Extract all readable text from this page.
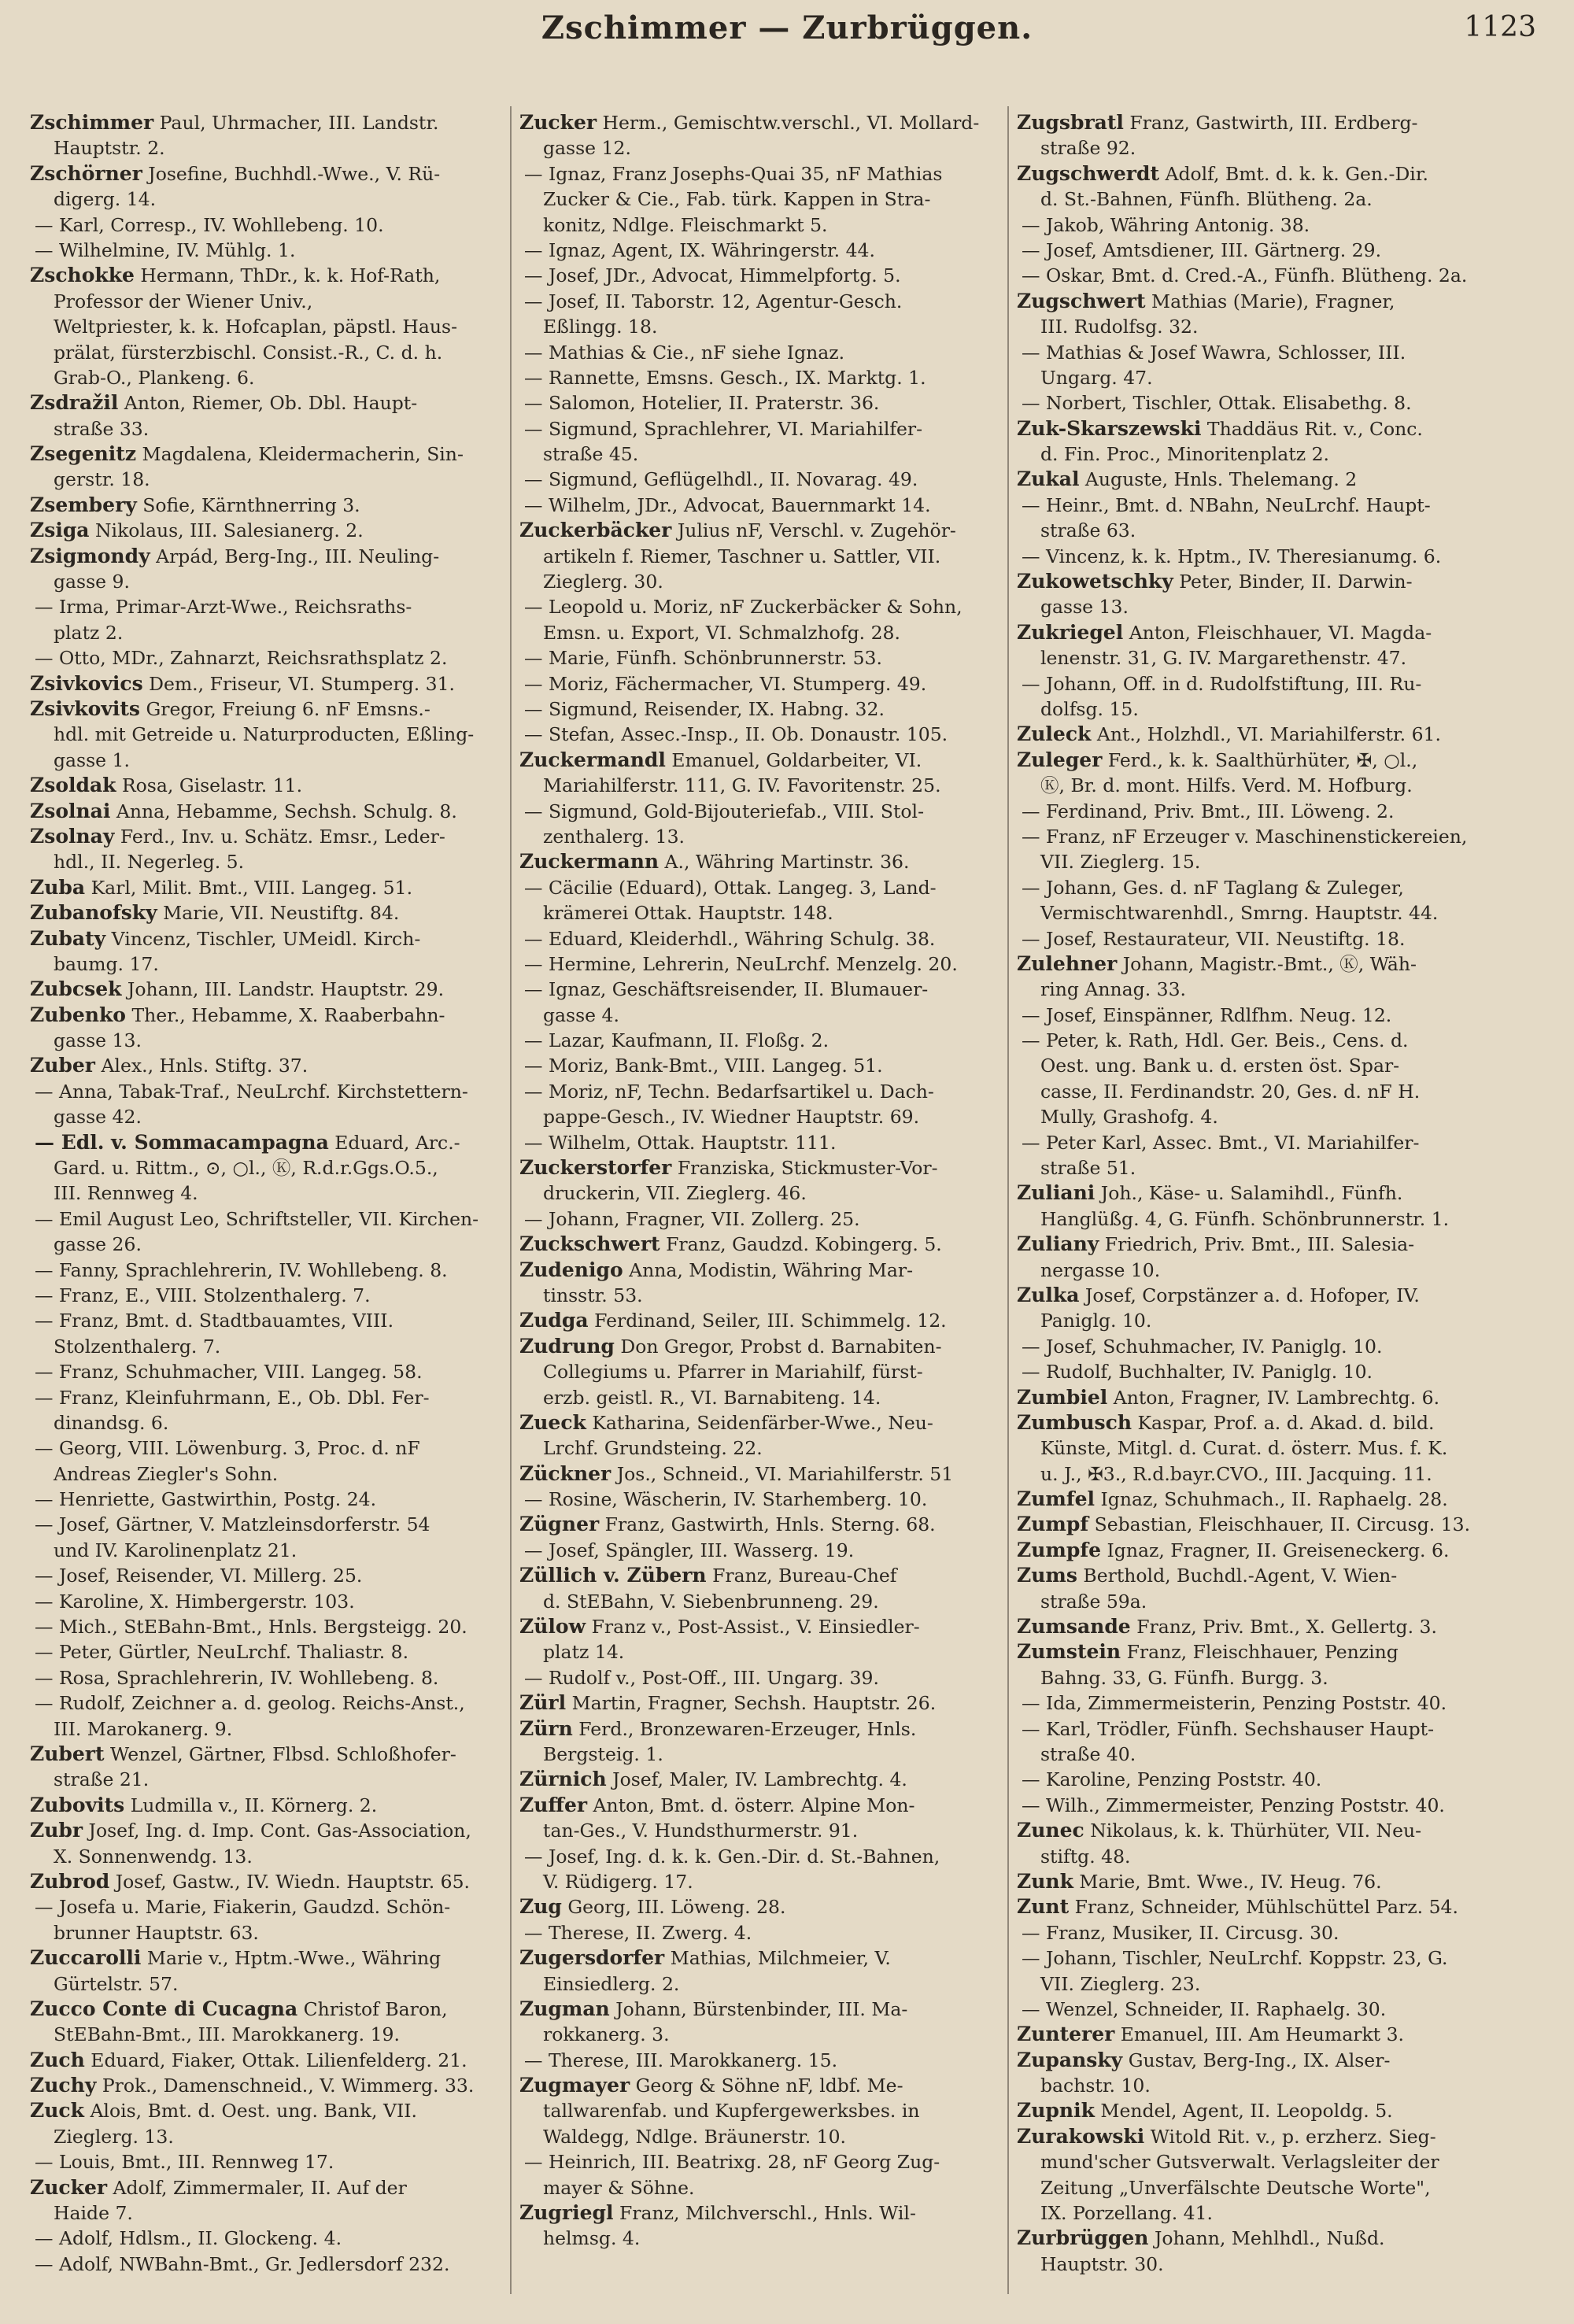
Zschimmer — Zurbrüggen.	1123
Zschimmer Paul, Uhrmacher, III. Landstr.
Hauptstr. 2.
Zschörner Josefine, Buchhdl.-Wwe., V. Rü-
digerg. 14.
— Karl, Corresp., IV. Wohllebeng. 10.
— Wilhelmine, IV. Mühlg. 1.
Zschokke Hermann, ThDr., k. k. Hof-Rath,
Professor der Wiener Univ.,
Weltpriester, k. k. Hofcaplan, päpstl. Haus-
prälat, fürsterzbischl. Consist.-R., C. d. h.
Grab-O., Plankeng. 6.
Zsdražil Anton, Riemer, Ob. Dbl. Haupt-
straße 33.
Zsegenitz Magdalena, Kleidermacherin, Sin-
gerstr. 18.
Zsembery Sofie, Kärnthnerring 3.
Zsiga Nikolaus, III. Salesianerg. 2.
Zsigmondy Arpád, Berg-Ing., III. Neuling-
gasse 9.
— Irma, Primar-Arzt-Wwe., Reichsraths-
platz 2.
— Otto, MDr., Zahnarzt, Reichsrathsplatz 2.
Zsivkovics Dem., Friseur, VI. Stumperg. 31.
Zsivkovits Gregor, Freiung 6. nF Emsns.-
hdl. mit Getreide u. Naturproducten, Eßling-
gasse 1.
Zsoldak Rosa, Giselastr. 11.
Zsolnai Anna, Hebamme, Sechsh. Schulg. 8.
Zsolnay Ferd., Inv. u. Schätz. Emsr., Leder-
hdl., II. Negerleg. 5.
Zuba Karl, Milit. Bmt., VIII. Langeg. 51.
Zubanofsky Marie, VII. Neustiftg. 84.
Zubaty Vincenz, Tischler, UMeidl. Kirch-
baumg. 17.
Zubcsek Johann, III. Landstr. Hauptstr. 29.
Zubenko Ther., Hebamme, X. Raaberbahn-
gasse 13.
Zuber Alex., Hnls. Stiftg. 37.
— Anna, Tabak-Traf., NeuLrchf. Kirchstettern-
gasse 42.
— Edl. v. Sommacampagna Eduard, Arc.-
Gard. u. Rittm., ⊙, ○l., Ⓚ, R.d.r.Ggs.O.5.,
III. Rennweg 4.
— Emil August Leo, Schriftsteller, VII. Kirchen-
gasse 26.
— Fanny, Sprachlehrerin, IV. Wohllebeng. 8.
— Franz, E., VIII. Stolzenthalerg. 7.
— Franz, Bmt. d. Stadtbauamtes, VIII.
Stolzenthalerg. 7.
— Franz, Schuhmacher, VIII. Langeg. 58.
— Franz, Kleinfuhrmann, E., Ob. Dbl. Fer-
dinandsg. 6.
— Georg, VIII. Löwenburg. 3, Proc. d. nF
Andreas Ziegler's Sohn.
— Henriette, Gastwirthin, Postg. 24.
— Josef, Gärtner, V. Matzleinsdorferstr. 54
und IV. Karolinenplatz 21.
— Josef, Reisender, VI. Millerg. 25.
— Karoline, X. Himbergerstr. 103.
— Mich., StEBahn-Bmt., Hnls. Bergsteigg. 20.
— Peter, Gürtler, NeuLrchf. Thaliastr. 8.
— Rosa, Sprachlehrerin, IV. Wohllebeng. 8.
— Rudolf, Zeichner a. d. geolog. Reichs-Anst.,
III. Marokanerg. 9.
Zubert Wenzel, Gärtner, Flbsd. Schloßhofer-
straße 21.
Zubovits Ludmilla v., II. Körnerg. 2.
Zubr Josef, Ing. d. Imp. Cont. Gas-Association,
X. Sonnenwendg. 13.
Zubrod Josef, Gastw., IV. Wiedn. Hauptstr. 65.
— Josefa u. Marie, Fiakerin, Gaudzd. Schön-
brunner Hauptstr. 63.
Zuccarolli Marie v., Hptm.-Wwe., Währing
Gürtelstr. 57.
Zucco Conte di Cucagna Christof Baron,
StEBahn-Bmt., III. Marokkanerg. 19.
Zuch Eduard, Fiaker, Ottak. Lilienfelderg. 21.
Zuchy Prok., Damenschneid., V. Wimmerg. 33.
Zuck Alois, Bmt. d. Oest. ung. Bank, VII.
Zieglerg. 13.
— Louis, Bmt., III. Rennweg 17.
Zucker Adolf, Zimmermaler, II. Auf der
Haide 7.
— Adolf, Hdlsm., II. Glockeng. 4.
— Adolf, NWBahn-Bmt., Gr. Jedlersdorf 232.
Zucker Herm., Gemischtw.verschl., VI. Mollard-
gasse 12.
— Ignaz, Franz Josephs-Quai 35, nF Mathias
Zucker & Cie., Fab. türk. Kappen in Stra-
konitz, Ndlge. Fleischmarkt 5.
— Ignaz, Agent, IX. Währingerstr. 44.
— Josef, JDr., Advocat, Himmelpfortg. 5.
— Josef, II. Taborstr. 12, Agentur-Gesch.
Eßlingg. 18.
— Mathias & Cie., nF siehe Ignaz.
— Rannette, Emsns. Gesch., IX. Marktg. 1.
— Salomon, Hotelier, II. Praterstr. 36.
— Sigmund, Sprachlehrer, VI. Mariahilfer-
straße 45.
— Sigmund, Geflügelhdl., II. Novarag. 49.
— Wilhelm, JDr., Advocat, Bauernmarkt 14.
Zuckerbäcker Julius nF, Verschl. v. Zugehör-
artikeln f. Riemer, Taschner u. Sattler, VII.
Zieglerg. 30.
— Leopold u. Moriz, nF Zuckerbäcker & Sohn,
Emsn. u. Export, VI. Schmalzhofg. 28.
— Marie, Fünfh. Schönbrunnerstr. 53.
— Moriz, Fächermacher, VI. Stumperg. 49.
— Sigmund, Reisender, IX. Habng. 32.
— Stefan, Assec.-Insp., II. Ob. Donaustr. 105.
Zuckermandl Emanuel, Goldarbeiter, VI.
Mariahilferstr. 111, G. IV. Favoritenstr. 25.
— Sigmund, Gold-Bijouteriefab., VIII. Stol-
zenthalerg. 13.
Zuckermann A., Währing Martinstr. 36.
— Cäcilie (Eduard), Ottak. Langeg. 3, Land-
krämerei Ottak. Hauptstr. 148.
— Eduard, Kleiderhdl., Währing Schulg. 38.
— Hermine, Lehrerin, NeuLrchf. Menzelg. 20.
— Ignaz, Geschäftsreisender, II. Blumauer-
gasse 4.
— Lazar, Kaufmann, II. Floßg. 2.
— Moriz, Bank-Bmt., VIII. Langeg. 51.
— Moriz, nF, Techn. Bedarfsartikel u. Dach-
pappe-Gesch., IV. Wiedner Hauptstr. 69.
— Wilhelm, Ottak. Hauptstr. 111.
Zuckerstorfer Franziska, Stickmuster-Vor-
druckerin, VII. Zieglerg. 46.
— Johann, Fragner, VII. Zollerg. 25.
Zuckschwert Franz, Gaudzd. Kobingerg. 5.
Zudenigo Anna, Modistin, Währing Mar-
tinsstr. 53.
Zudga Ferdinand, Seiler, III. Schimmelg. 12.
Zudrung Don Gregor, Probst d. Barnabiten-
Collegiums u. Pfarrer in Mariahilf, fürst-
erzb. geistl. R., VI. Barnabiteng. 14.
Zueck Katharina, Seidenfärber-Wwe., Neu-
Lrchf. Grundsteing. 22.
Zückner Jos., Schneid., VI. Mariahilferstr. 51
— Rosine, Wäscherin, IV. Starhemberg. 10.
Zügner Franz, Gastwirth, Hnls. Sterng. 68.
— Josef, Spängler, III. Wasserg. 19.
Züllich v. Zübern Franz, Bureau-Chef
d. StEBahn, V. Siebenbrunneng. 29.
Zülow Franz v., Post-Assist., V. Einsiedler-
platz 14.
— Rudolf v., Post-Off., III. Ungarg. 39.
Zürl Martin, Fragner, Sechsh. Hauptstr. 26.
Zürn Ferd., Bronzewaren-Erzeuger, Hnls.
Bergsteig. 1.
Zürnich Josef, Maler, IV. Lambrechtg. 4.
Zuffer Anton, Bmt. d. österr. Alpine Mon-
tan-Ges., V. Hundsthurmerstr. 91.
— Josef, Ing. d. k. k. Gen.-Dir. d. St.-Bahnen,
V. Rüdigerg. 17.
Zug Georg, III. Löweng. 28.
— Therese, II. Zwerg. 4.
Zugersdorfer Mathias, Milchmeier, V.
Einsiedlerg. 2.
Zugman Johann, Bürstenbinder, III. Ma-
rokkanerg. 3.
— Therese, III. Marokkanerg. 15.
Zugmayer Georg & Söhne nF, ldbf. Me-
tallwarenfab. und Kupfergewerksbes. in
Waldegg, Ndlge. Bräunerstr. 10.
— Heinrich, III. Beatrixg. 28, nF Georg Zug-
mayer & Söhne.
Zugriegl Franz, Milchverschl., Hnls. Wil-
helmsg. 4.
Zugsbratl Franz, Gastwirth, III. Erdberg-
straße 92.
Zugschwerdt Adolf, Bmt. d. k. k. Gen.-Dir.
d. St.-Bahnen, Fünfh. Blütheng. 2a.
— Jakob, Währing Antonig. 38.
— Josef, Amtsdiener, III. Gärtnerg. 29.
— Oskar, Bmt. d. Cred.-A., Fünfh. Blütheng. 2a.
Zugschwert Mathias (Marie), Fragner,
III. Rudolfsg. 32.
— Mathias & Josef Wawra, Schlosser, III.
Ungarg. 47.
— Norbert, Tischler, Ottak. Elisabethg. 8.
Zuk-Skarszewski Thaddäus Rit. v., Conc.
d. Fin. Proc., Minoritenplatz 2.
Zukal Auguste, Hnls. Thelemang. 2
— Heinr., Bmt. d. NBahn, NeuLrchf. Haupt-
straße 63.
— Vincenz, k. k. Hptm., IV. Theresianumg. 6.
Zukowetschky Peter, Binder, II. Darwin-
gasse 13.
Zukriegel Anton, Fleischhauer, VI. Magda-
lenenstr. 31, G. IV. Margarethenstr. 47.
— Johann, Off. in d. Rudolfstiftung, III. Ru-
dolfsg. 15.
Zuleck Ant., Holzhdl., VI. Mariahilferstr. 61.
Zuleger Ferd., k. k. Saalthürhüter, ✠, ○l.,
Ⓚ, Br. d. mont. Hilfs. Verd. M. Hofburg.
— Ferdinand, Priv. Bmt., III. Löweng. 2.
— Franz, nF Erzeuger v. Maschinenstickereien,
VII. Zieglerg. 15.
— Johann, Ges. d. nF Taglang & Zuleger,
Vermischtwarenhdl., Smrng. Hauptstr. 44.
— Josef, Restaurateur, VII. Neustiftg. 18.
Zulehner Johann, Magistr.-Bmt., Ⓚ, Wäh-
ring Annag. 33.
— Josef, Einspänner, Rdlfhm. Neug. 12.
— Peter, k. Rath, Hdl. Ger. Beis., Cens. d.
Oest. ung. Bank u. d. ersten öst. Spar-
casse, II. Ferdinandstr. 20, Ges. d. nF H.
Mully, Grashofg. 4.
— Peter Karl, Assec. Bmt., VI. Mariahilfer-
straße 51.
Zuliani Joh., Käse- u. Salamihdl., Fünfh.
Hanglüßg. 4, G. Fünfh. Schönbrunnerstr. 1.
Zuliany Friedrich, Priv. Bmt., III. Salesia-
nergasse 10.
Zulka Josef, Corpstänzer a. d. Hofoper, IV.
Paniglg. 10.
— Josef, Schuhmacher, IV. Paniglg. 10.
— Rudolf, Buchhalter, IV. Paniglg. 10.
Zumbiel Anton, Fragner, IV. Lambrechtg. 6.
Zumbusch Kaspar, Prof. a. d. Akad. d. bild.
Künste, Mitgl. d. Curat. d. österr. Mus. f. K.
u. J., ✠3., R.d.bayr.CVO., III. Jacquing. 11.
Zumfel Ignaz, Schuhmach., II. Raphaelg. 28.
Zumpf Sebastian, Fleischhauer, II. Circusg. 13.
Zumpfe Ignaz, Fragner, II. Greiseneckerg. 6.
Zums Berthold, Buchdl.-Agent, V. Wien-
straße 59a.
Zumsande Franz, Priv. Bmt., X. Gellertg. 3.
Zumstein Franz, Fleischhauer, Penzing
Bahng. 33, G. Fünfh. Burgg. 3.
— Ida, Zimmermeisterin, Penzing Poststr. 40.
— Karl, Trödler, Fünfh. Sechshauser Haupt-
straße 40.
— Karoline, Penzing Poststr. 40.
— Wilh., Zimmermeister, Penzing Poststr. 40.
Zunec Nikolaus, k. k. Thürhüter, VII. Neu-
stiftg. 48.
Zunk Marie, Bmt. Wwe., IV. Heug. 76.
Zunt Franz, Schneider, Mühlschüttel Parz. 54.
— Franz, Musiker, II. Circusg. 30.
— Johann, Tischler, NeuLrchf. Koppstr. 23, G.
VII. Zieglerg. 23.
— Wenzel, Schneider, II. Raphaelg. 30.
Zunterer Emanuel, III. Am Heumarkt 3.
Zupansky Gustav, Berg-Ing., IX. Alser-
bachstr. 10.
Zupnik Mendel, Agent, II. Leopoldg. 5.
Zurakowski Witold Rit. v., p. erzherz. Sieg-
mund'scher Gutsverwalt. Verlagsleiter der
Zeitung „Unverfälschte Deutsche Worte",
IX. Porzellang. 41.
Zurbrüggen Johann, Mehlhdl., Nußd.
Hauptstr. 30.
